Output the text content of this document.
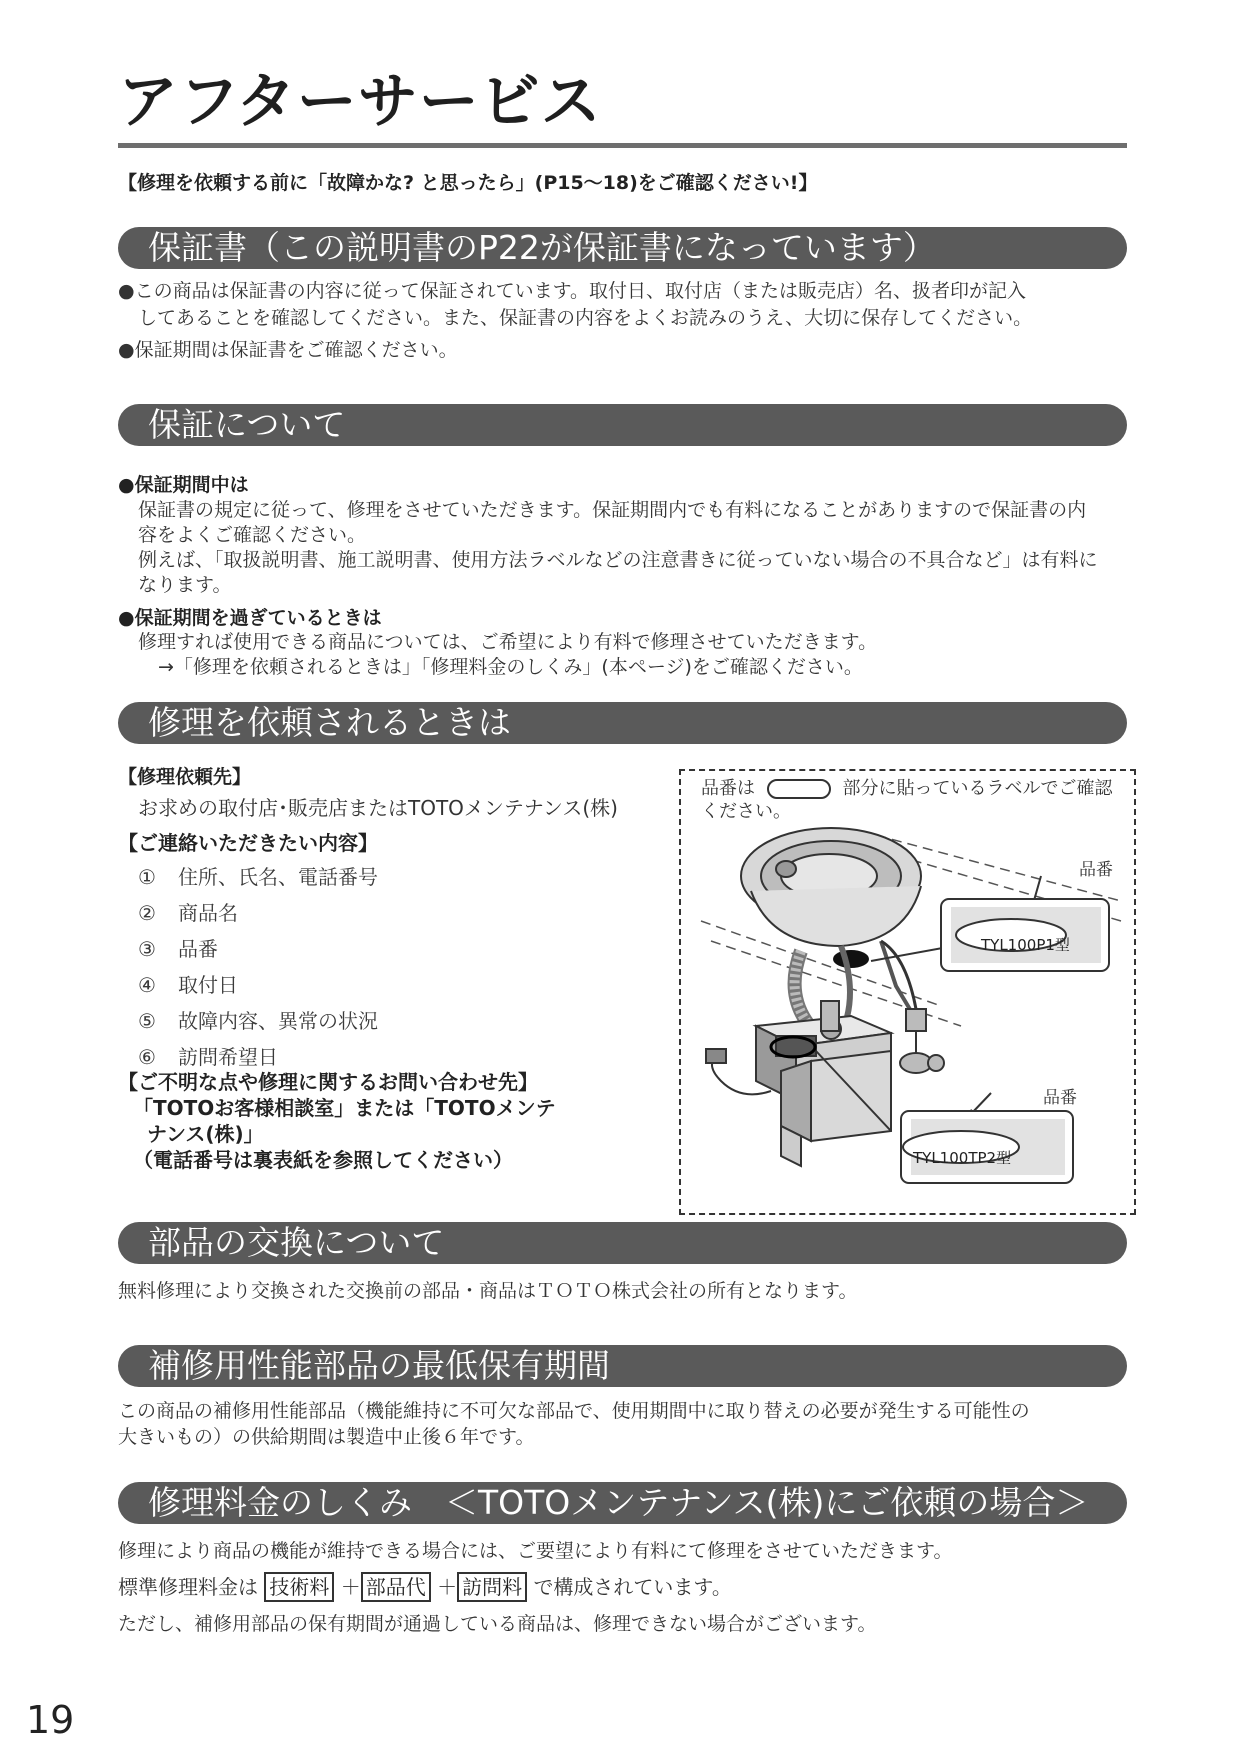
アフターサービス
【修理を依頼する前に「故障かな? と思ったら」(P15～18)をご確認ください!】
保証書（この説明書のP22が保証書になっています）
●この商品は保証書の内容に従って保証されています。取付日、取付店（または販売店）名、扱者印が記入
してあることを確認してください。また、保証書の内容をよくお読みのうえ、大切に保存してください。
●保証期間は保証書をご確認ください。
保証について
●保証期間中は
保証書の規定に従って、修理をさせていただきます。保証期間内でも有料になることがありますので保証書の内
容をよくご確認ください。
例えば、「取扱説明書、施工説明書、使用方法ラベルなどの注意書きに従っていない場合の不具合など」は有料に
なります。
●保証期間を過ぎているときは
修理すれば使用できる商品については、ご希望により有料で修理させていただきます。
→「修理を依頼されるときは」「修理料金のしくみ」(本ページ)をご確認ください。
修理を依頼されるときは
【修理依頼先】
お求めの取付店･販売店またはTOTOメンテナンス(株)
【ご連絡いただきたい内容】
① 住所、氏名、電話番号
② 商品名
③ 品番
④ 取付日
⑤ 故障内容、異常の状況
⑥ 訪問希望日
【ご不明な点や修理に関するお問い合わせ先】
「TOTOお客様相談室」または「TOTOメンテ
ナンス(株)」
（電話番号は裏表紙を参照してください）
品番は	部分に貼っているラベルでご確認
ください。
品番
TYL100P1型
品番
TYL100TP2型
部品の交換について
無料修理により交換された交換前の部品・商品はＴＯＴＯ株式会社の所有となります。
補修用性能部品の最低保有期間
この商品の補修用性能部品（機能維持に不可欠な部品で、使用期間中に取り替えの必要が発生する可能性の
大きいもの）の供給期間は製造中止後６年です。
修理料金のしくみ　＜TOTOメンテナンス(株)にご依頼の場合＞
修理により商品の機能が維持できる場合には、ご要望により有料にて修理をさせていただきます。
標準修理料金は 技術料 ＋ 部品代 ＋ 訪問料 で構成されています。
ただし、補修用部品の保有期間が通過している商品は、修理できない場合がございます。
19
